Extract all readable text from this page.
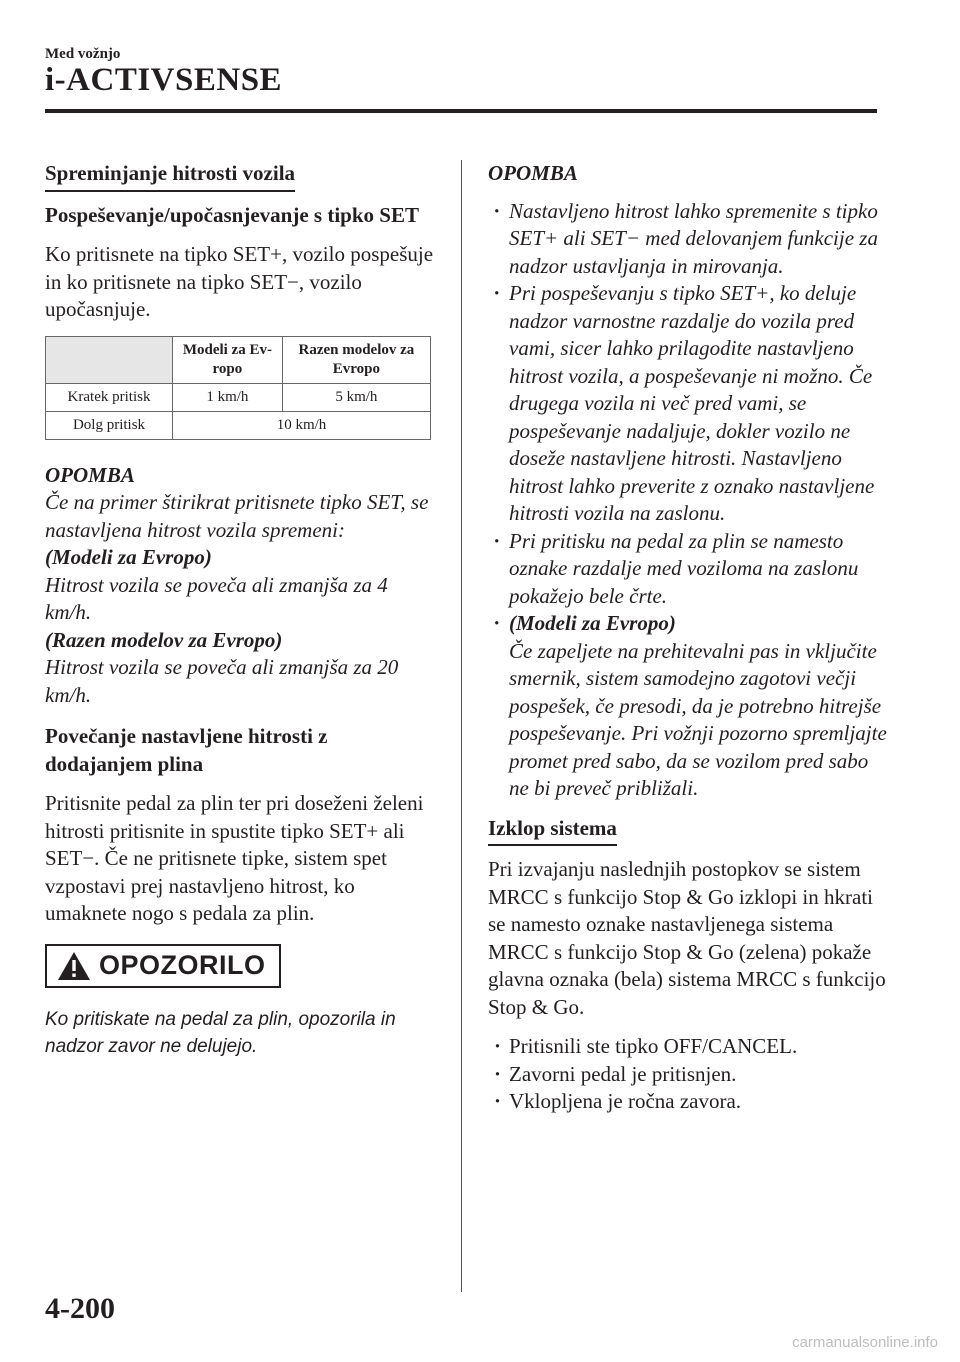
Med vožnjo
i-ACTIVSENSE
Spreminjanje hitrosti vozila
Pospeševanje/upočasnjevanje s tipko SET

Ko pritisnete na tipko SET+, vozilo pospešuje in ko pritisnete na tipko SET−, vozilo upočasnjuje.

	Modeli za Ev-ropo	Razen modelov za Evropo
Kratek pritisk	1 km/h	5 km/h
Dolg pritisk	10 km/h	
OPOMBA
Če na primer štirikrat pritisnete tipko SET, se nastavljena hitrost vozila spremeni:
(Modeli za Evropo)
Hitrost vozila se poveča ali zmanjša za 4 km/h.
(Razen modelov za Evropo)
Hitrost vozila se poveča ali zmanjša za 20 km/h.
Povečanje nastavljene hitrosti z dodajanjem plina

Pritisnite pedal za plin ter pri doseženi želeni hitrosti pritisnite in spustite tipko SET+ ali SET−. Če ne pritisnete tipke, sistem spet vzpostavi prej nastavljeno hitrost, ko umaknete nogo s pedala za plin.

OPOZORILO
Ko pritiskate na pedal za plin, opozorila in nadzor zavor ne delujejo.
OPOMBA
· Nastavljeno hitrost lahko spremenite s tipko SET+ ali SET− med delovanjem funkcije za nadzor ustavljanja in mirovanja.
· Pri pospeševanju s tipko SET+, ko deluje nadzor varnostne razdalje do vozila pred vami, sicer lahko prilagodite nastavljeno hitrost vozila, a pospeševanje ni možno. Če drugega vozila ni več pred vami, se pospeševanje nadaljuje, dokler vozilo ne doseže nastavljene hitrosti. Nastavljeno hitrost lahko preverite z oznako nastavljene hitrosti vozila na zaslonu.
· Pri pritisku na pedal za plin se namesto oznake razdalje med voziloma na zaslonu pokažejo bele črte.
· (Modeli za Evropo)
Če zapeljete na prehitevalni pas in vključite smernik, sistem samodejno zagotovi večji pospešek, če presodi, da je potrebno hitrejše pospeševanje. Pri vožnji pozorno spremljajte promet pred sabo, da se vozilom pred sabo ne bi preveč približali.
Izklop sistema

Pri izvajanju naslednjih postopkov se sistem MRCC s funkcijo Stop & Go izklopi in hkrati se namesto oznake nastavljenega sistema MRCC s funkcijo Stop & Go (zelena) pokaže glavna oznaka (bela) sistema MRCC s funkcijo Stop & Go.

· Pritisnili ste tipko OFF/CANCEL.
· Zavorni pedal je pritisnjen.
· Vklopljena je ročna zavora.
4-200
carmanualsonline.info
